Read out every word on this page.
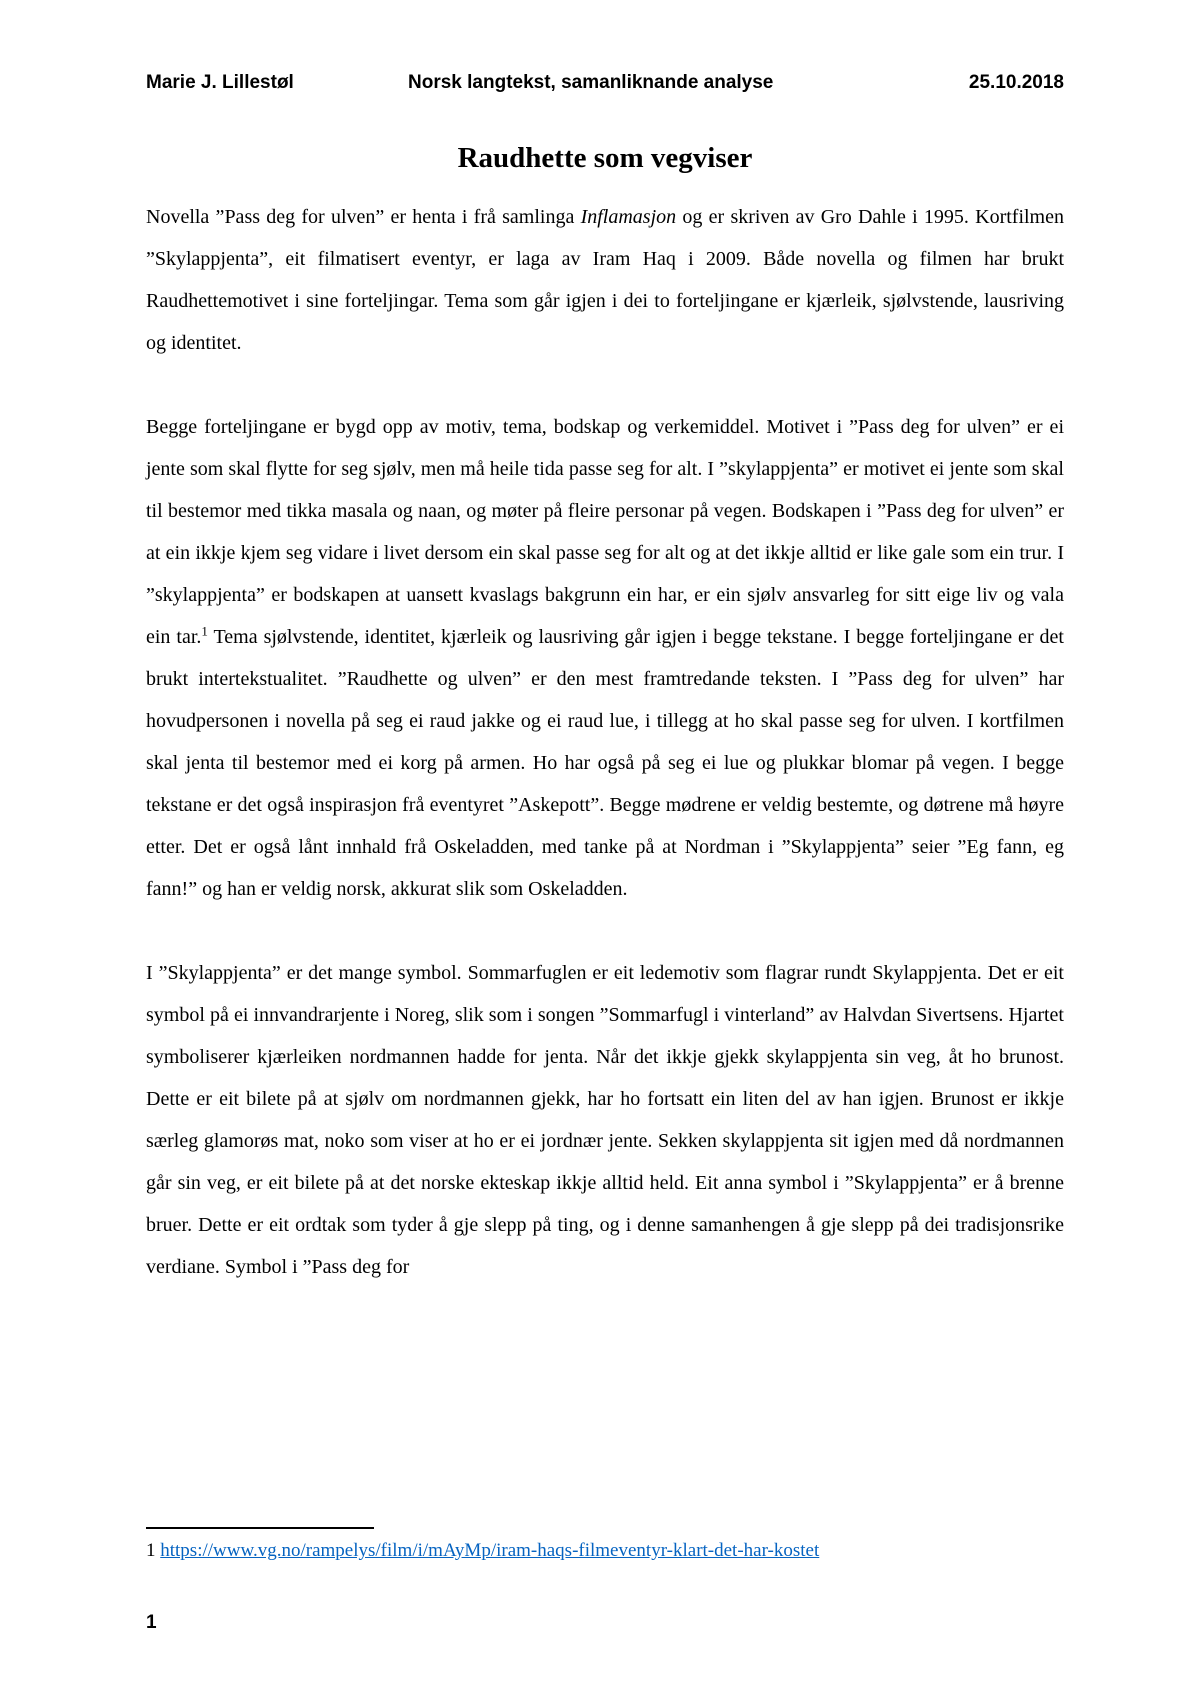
Marie J. Lillestøl	Norsk langtekst, samanliknande analyse	25.10.2018
Raudhette som vegviser

Novella ”Pass deg for ulven” er henta i frå samlinga Inflamasjon og er skriven av Gro Dahle i 1995. Kortfilmen ”Skylappjenta”, eit filmatisert eventyr, er laga av Iram Haq i 2009. Både novella og filmen har brukt Raudhettemotivet i sine forteljingar. Tema som går igjen i dei to forteljingane er kjærleik, sjølvstende, lausriving og identitet.

Begge forteljingane er bygd opp av motiv, tema, bodskap og verkemiddel. Motivet i ”Pass deg for ulven” er ei jente som skal flytte for seg sjølv, men må heile tida passe seg for alt. I ”skylappjenta” er motivet ei jente som skal til bestemor med tikka masala og naan, og møter på fleire personar på vegen. Bodskapen i ”Pass deg for ulven” er at ein ikkje kjem seg vidare i livet dersom ein skal passe seg for alt og at det ikkje alltid er like gale som ein trur. I ”skylappjenta” er bodskapen at uansett kvaslags bakgrunn ein har, er ein sjølv ansvarleg for sitt eige liv og vala ein tar.$^1$ Tema sjølvstende, identitet, kjærleik og lausriving går igjen i begge tekstane. I begge forteljingane er det brukt intertekstualitet. ”Raudhette og ulven” er den mest framtredande teksten. I ”Pass deg for ulven” har hovudpersonen i novella på seg ei raud jakke og ei raud lue, i tillegg at ho skal passe seg for ulven. I kortfilmen skal jenta til bestemor med ei korg på armen. Ho har også på seg ei lue og plukkar blomar på vegen. I begge tekstane er det også inspirasjon frå eventyret ”Askepott”. Begge mødrene er veldig bestemte, og døtrene må høyre etter. Det er også lånt innhald frå Oskeladden, med tanke på at Nordman i ”Skylappjenta” seier ”Eg fann, eg fann!” og han er veldig norsk, akkurat slik som Oskeladden.

I ”Skylappjenta” er det mange symbol. Sommarfuglen er eit ledemotiv som flagrar rundt Skylappjenta. Det er eit symbol på ei innvandrarjente i Noreg, slik som i songen ”Sommarfugl i vinterland” av Halvdan Sivertsens. Hjartet symboliserer kjærleiken nordmannen hadde for jenta. Når det ikkje gjekk skylappjenta sin veg, åt ho brunost. Dette er eit bilete på at sjølv om nordmannen gjekk, har ho fortsatt ein liten del av han igjen. Brunost er ikkje særleg glamorøs mat, noko som viser at ho er ei jordnær jente. Sekken skylappjenta sit igjen med då nordmannen går sin veg, er eit bilete på at det norske ekteskap ikkje alltid held. Eit anna symbol i ”Skylappjenta” er å brenne bruer. Dette er eit ordtak som tyder å gje slepp på ting, og i denne samanhengen å gje slepp på dei tradisjonsrike verdiane. Symbol i ”Pass deg for

1 https://www.vg.no/rampelys/film/i/mAyMp/iram-haqs-filmeventyr-klart-det-har-kostet
1
